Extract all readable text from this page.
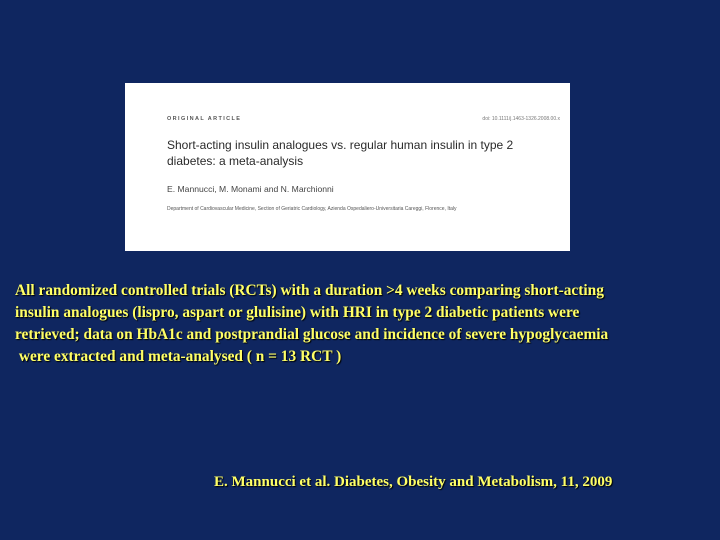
ORIGINAL ARTICLE	doi: 10.1111/j.1463-1326.2008.00.x
Short-acting insulin analogues vs. regular human insulin in type 2 diabetes: a meta-analysis
E. Mannucci, M. Monami and N. Marchionni
Department of Cardiovascular Medicine, Section of Geriatric Cardiology, Azienda Ospedaliero-Universitaria Careggi, Florence, Italy
All randomized controlled trials (RCTs) with a duration >4 weeks comparing short-acting
insulin analogues (lispro, aspart or glulisine) with HRI in type 2 diabetic patients were
retrieved; data on HbA1c and postprandial glucose and incidence of severe hypoglycaemia
were extracted and meta-analysed ( n = 13 RCT )
E. Mannucci et al. Diabetes, Obesity and Metabolism, 11, 2009
